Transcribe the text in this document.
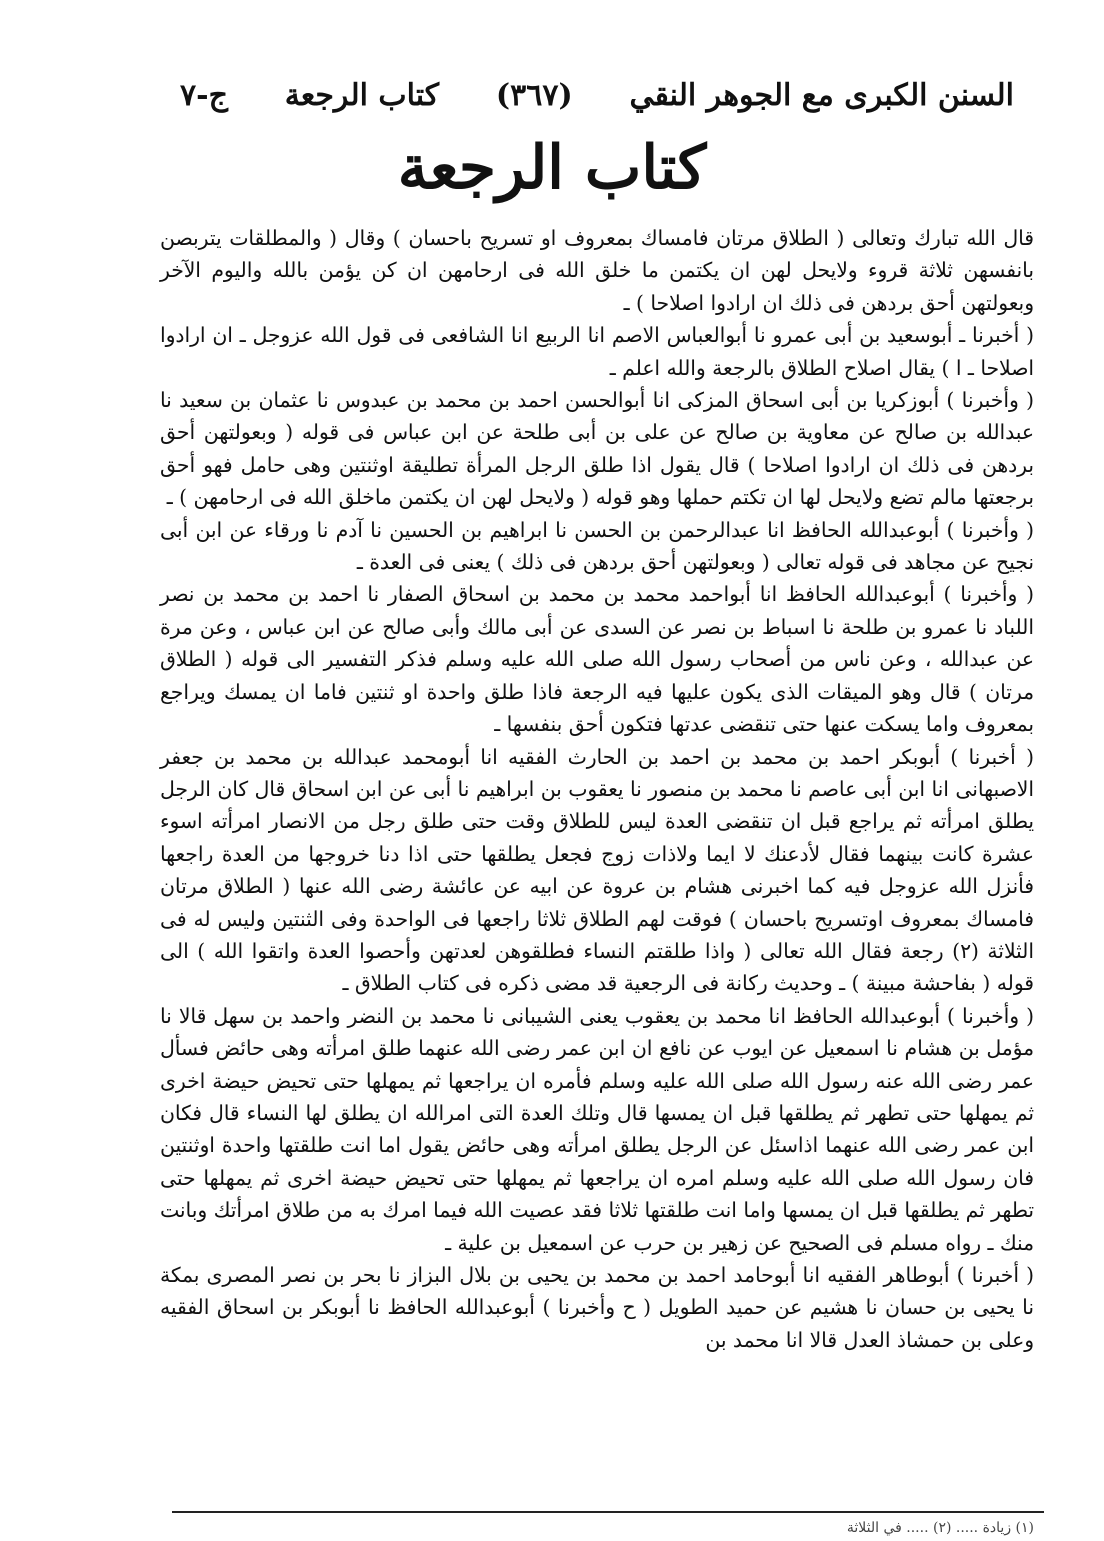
السنن الكبرى مع الجوهر النقي
(٣٦٧)
كتاب الرجعة
ج-٧
كتاب الرجعة

قال الله تبارك وتعالى ( الطلاق مرتان فامساك بمعروف او تسريح باحسان ) وقال ( والمطلقات يتربصن بانفسهن ثلاثة قروء ولايحل لهن ان يكتمن ما خلق الله فى ارحامهن ان كن يؤمن بالله واليوم الآخر وبعولتهن أحق بردهن فى ذلك ان ارادوا اصلاحا ) ـ

( أخبرنا ـ أبوسعيد بن أبى عمرو نا أبوالعباس الاصم انا الربيع انا الشافعى فى قول الله عزوجل ـ ان ارادوا اصلاحا ـ ا ) يقال اصلاح الطلاق بالرجعة والله اعلم ـ

( وأخبرنا ) أبوزكريا بن أبى اسحاق المزكى انا أبوالحسن احمد بن محمد بن عبدوس نا عثمان بن سعيد نا عبدالله بن صالح عن معاوية بن صالح عن على بن أبى طلحة عن ابن عباس فى قوله ( وبعولتهن أحق بردهن فى ذلك ان ارادوا اصلاحا ) قال يقول اذا طلق الرجل المرأة تطليقة اوثنتين وهى حامل فهو أحق برجعتها مالم تضع ولايحل لها ان تكتم حملها وهو قوله ( ولايحل لهن ان يكتمن ماخلق الله فى ارحامهن ) ـ

( وأخبرنا ) أبوعبدالله الحافظ انا عبدالرحمن بن الحسن نا ابراهيم بن الحسين نا آدم نا ورقاء عن ابن أبى نجيح عن مجاهد فى قوله تعالى ( وبعولتهن أحق بردهن فى ذلك ) يعنى فى العدة ـ

( وأخبرنا ) أبوعبدالله الحافظ انا أبواحمد محمد بن محمد بن اسحاق الصفار نا احمد بن محمد بن نصر اللباد نا عمرو بن طلحة نا اسباط بن نصر عن السدى عن أبى مالك وأبى صالح عن ابن عباس ، وعن مرة عن عبدالله ، وعن ناس من أصحاب رسول الله صلى الله عليه وسلم فذكر التفسير الى قوله ( الطلاق مرتان ) قال وهو الميقات الذى يكون عليها فيه الرجعة فاذا طلق واحدة او ثنتين فاما ان يمسك ويراجع بمعروف واما يسكت عنها حتى تنقضى عدتها فتكون أحق بنفسها ـ

( أخبرنا ) أبوبكر احمد بن محمد بن احمد بن الحارث الفقيه انا أبومحمد عبدالله بن محمد بن جعفر الاصبهانى انا ابن أبى عاصم نا محمد بن منصور نا يعقوب بن ابراهيم نا أبى عن ابن اسحاق قال كان الرجل يطلق امرأته ثم يراجع قبل ان تنقضى العدة ليس للطلاق وقت حتى طلق رجل من الانصار امرأته اسوء عشرة كانت بينهما فقال لأدعنك لا ايما ولاذات زوج فجعل يطلقها حتى اذا دنا خروجها من العدة راجعها فأنزل الله عزوجل فيه كما اخبرنى هشام بن عروة عن ابيه عن عائشة رضى الله عنها ( الطلاق مرتان فامساك بمعروف اوتسريح باحسان ) فوقت لهم الطلاق ثلاثا راجعها فى الواحدة وفى الثنتين وليس له فى الثلاثة (٢) رجعة فقال الله تعالى ( واذا طلقتم النساء فطلقوهن لعدتهن وأحصوا العدة واتقوا الله ) الى قوله ( بفاحشة مبينة ) ـ وحديث ركانة فى الرجعية قد مضى ذكره فى كتاب الطلاق ـ

( وأخبرنا ) أبوعبدالله الحافظ انا محمد بن يعقوب يعنى الشيبانى نا محمد بن النضر واحمد بن سهل قالا نا مؤمل بن هشام نا اسمعيل عن ايوب عن نافع ان ابن عمر رضى الله عنهما طلق امرأته وهى حائض فسأل عمر رضى الله عنه رسول الله صلى الله عليه وسلم فأمره ان يراجعها ثم يمهلها حتى تحيض حيضة اخرى ثم يمهلها حتى تطهر ثم يطلقها قبل ان يمسها قال وتلك العدة التى امرالله ان يطلق لها النساء قال فكان ابن عمر رضى الله عنهما اذاسئل عن الرجل يطلق امرأته وهى حائض يقول اما انت طلقتها واحدة اوثنتين فان رسول الله صلى الله عليه وسلم امره ان يراجعها ثم يمهلها حتى تحيض حيضة اخرى ثم يمهلها حتى تطهر ثم يطلقها قبل ان يمسها واما انت طلقتها ثلاثا فقد عصيت الله فيما امرك به من طلاق امرأتك وبانت منك ـ رواه مسلم فى الصحيح عن زهير بن حرب عن اسمعيل بن علية ـ

( أخبرنا ) أبوطاهر الفقيه انا أبوحامد احمد بن محمد بن يحيى بن بلال البزاز نا بحر بن نصر المصرى بمكة نا يحيى بن حسان نا هشيم عن حميد الطويل ( ح وأخبرنا ) أبوعبدالله الحافظ نا أبوبكر بن اسحاق الفقيه وعلى بن حمشاذ العدل قالا انا محمد بن

(١) زيادة ..... (٢) ..... في الثلاثة
